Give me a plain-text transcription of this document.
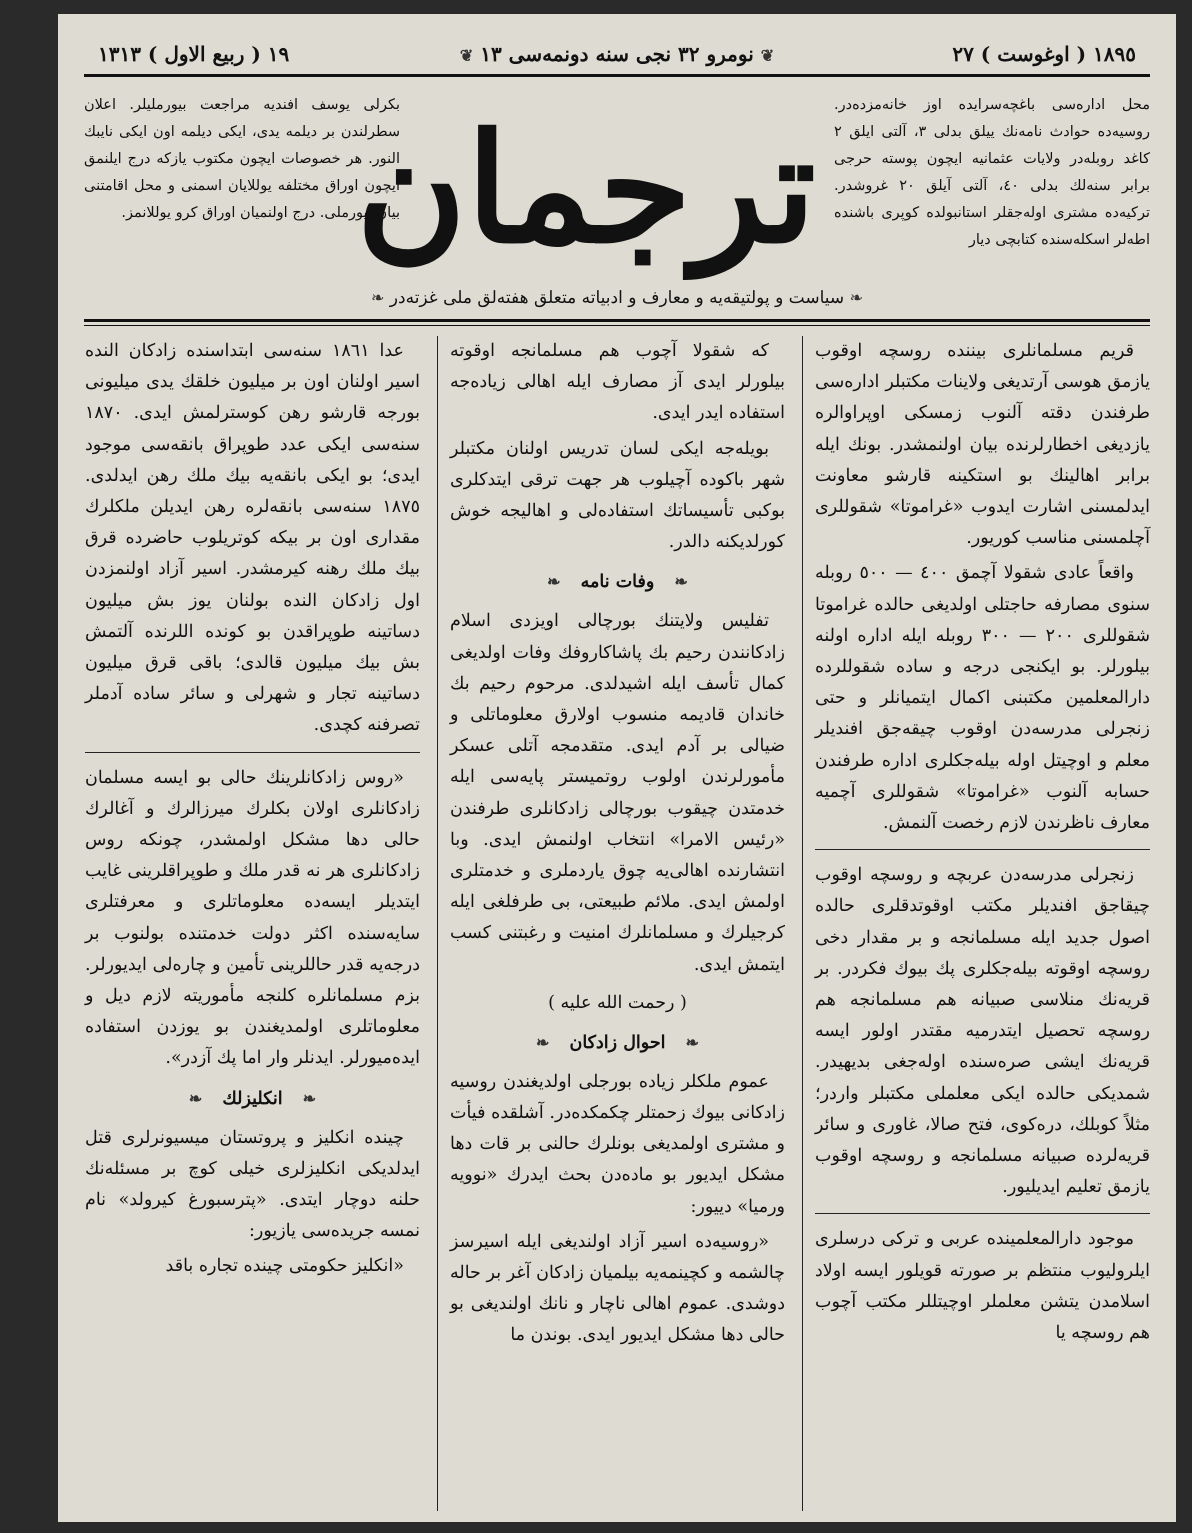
١٨٩٥ ( اوغوست ) ٢٧
❦ نومرو ٣٢ نجی سنه دونمه‌سی ١٣ ❦
١٩ ( ربیع الاول ) ١٣١٣
محل اداره‌سی باغچه‌سرایده اوز خانه‌مزده‌در. روسیه‌ده حوادث نامه‌نك ییلق بدلی ٣، آلتی ایلق ٢ کاغد روبله‌در ولایات عثمانیه ایچون پوسته حرجی برابر سنه‌لك بدلی ٤٠، آلتی آیلق ٢٠ غروشدر. ترکیه‌ده مشتری اوله‌جقلر استانبولده کوپری باشنده اطه‌لر اسکله‌سنده کتابچی دیار
ترجمان
بکرلی یوسف افندیه مراجعت بیورملیلر. اعلان سطرلندن بر دیلمه یدی، ایکی دیلمه اون ایکی نایبك النور. هر خصوصات ایچون مکتوب یازکه درج ایلنمق ایچون اوراق مختلفه یوللایان اسمنی و محل اقامتنی بیان بیورملی. درج اولنمیان اوراق کرو یوللانمز.
❧ سیاست و پولتیقه‌یه و معارف و ادبیاته متعلق هفته‌لق ملی غزته‌در ❧

قریم مسلمانلری بیننده روسچه اوقوب یازمق هوسی آرتدیغی ولاینات مکتبلر اداره‌سی طرفندن دقته آلنوب زمسکی اوپراوالره یازدیغی اخطارلرنده بیان اولنمشدر. بونك ایله برابر اهالینك بو استکینه قارشو معاونت ایدلمسنی اشارت ایدوب «غراموتا» شقوللری آچلمسنی مناسب کوریور.

واقعاً عادی شقولا آچمق ٤٠٠ — ٥٠٠ روبله سنوی مصارفه حاجتلی اولدیغی حالده غراموتا شقوللری ٢٠٠ — ٣٠٠ روبله ایله اداره اولنه بیلورلر. بو ایکنجی درجه و ساده شقوللرده دارالمعلمین مکتبنی اکمال ایتمیانلر و حتی زنجرلی مدرسه‌دن اوقوب چیقه‌جق افندیلر معلم و اوچیتل اوله بیله‌جکلری اداره طرفندن حسابه آلنوب «غراموتا» شقوللری آچمیه معارف ناظرندن لازم رخصت آلنمش.

زنجرلی مدرسه‌دن عربچه و روسچه اوقوب چیقاجق افندیلر مکتب اوقوتدقلری حالده اصول جدید ایله مسلمانجه و بر مقدار دخی روسچه اوقوته بیله‌جکلری پك بیوك فکردر. بر قریه‌نك منلاسی صبیانه هم مسلمانجه هم روسچه تحصیل ایتدرمیه مقتدر اولور ایسه قریه‌نك ایشی صره‌سنده اوله‌جغی بدیهیدر. شمدیکی حالده ایکی معلملی مکتبلر واردر؛ مثلاً کوبلك، دره‌کوی، فتح صالا، غاوری و سائر قریه‌لرده صبیانه مسلمانجه و روسچه اوقوب یازمق تعلیم ایدیلیور.

موجود دارالمعلمینده عربی و ترکی درسلری ایلرولیوب منتظم بر صورته قویلور ایسه اولاد اسلامدن یتشن معلملر اوچیتللر مکتب آچوب هم روسچه یا

که شقولا آچوب هم مسلمانجه اوقوته بیلورلر ایدی آز مصارف ایله اهالی زیاده‌جه استفاده ایدر ایدی.

بویله‌جه ایکی لسان تدریس اولنان مکتبلر شهر باکوده آچیلوب هر جهت ترقی ایتدکلری بوکبی تأسیساتك استفاده‌لی و اهالیجه خوش کورلدیکنه دالدر.

❧ وفات نامه ❧

تفلیس ولایتنك بورچالی اویزدی اسلام زادکانندن رحیم بك پاشا‌کاروفك وفات اولدیغی کمال تأسف ایله اشیدلدی. مرحوم رحیم بك خاندان قادیمه منسوب اولارق معلوماتلی و ضیالی بر آدم ایدی. متقدمجه آتلی عسکر مأمورلرندن اولوب روتمیستر پایه‌سی ایله خدمتدن چیقوب بورچالی زادکانلری طرفندن «رئیس الامرا» انتخاب اولنمش ایدی. وبا انتشارنده اهالی‌یه چوق یاردملری و خدمتلری اولمش ایدی. ملائم طبیعتی، بی طرفلغی ایله کرجیلرك و مسلمانلرك امنیت و رغبتنی کسب ایتمش ایدی.

( رحمت الله علیه )
❧ احوال زادکان ❧

عموم ملکلر زیاده بورجلی اولدیغندن روسیه زادکانی بیوك زحمتلر چکمکده‌در. آشلقده فیأت و مشتری اولمدیغی بونلرك حالنی بر قات دها مشکل ایدیور بو ماده‌دن بحث ایدرك «نوویه ورمیا» دییور:

«روسیه‌ده اسیر آزاد اولندیغی ایله اسیرسز چالشمه و کچینمه‌یه بیلمیان زادکان آغر بر حاله دوشدی. عموم اهالی ناچار و نانك اولندیغی بو حالی دها مشکل ایدیور ایدی. بوندن ما

عدا ١٨٦١ سنه‌سی ابتداسنده زادکان النده اسیر اولنان اون بر میلیون خلقك یدی میلیونی بورجه قارشو رهن کوسترلمش ایدی. ١٨٧٠ سنه‌سی ایکی عدد طوپراق بانقه‌سی موجود ایدی؛ بو ایکی بانقه‌یه بیك ملك رهن ایدلدی. ١٨٧٥ سنه‌سی بانقه‌لره رهن ایدیلن ملکلرك مقداری اون بر بیکه کوتریلوب حاضرده قرق بیك ملك رهنه کیرمشدر. اسیر آزاد اولنمزدن اول زادکان النده بولنان یوز بش میلیون دساتینه طوپراقدن بو کونده اللرنده آلتمش بش بیك میلیون قالدی؛ باقی قرق میلیون دساتینه تجار و شهرلی و سائر ساده آدملر تصرفنه کچدی.

«روس زادکانلرینك حالی بو ایسه مسلمان زادکانلری اولان بکلرك میرزالرك و آغالرك حالی دها مشکل اولمشدر، چونکه روس زادکانلری هر نه قدر ملك و طوپراقلرینی غایب ایتدیلر ایسه‌ده معلوماتلری و معرفتلری سایه‌سنده اکثر دولت خدمتنده بولنوب بر درجه‌یه قدر حاللرینی تأمین و چاره‌لی ایدیورلر. بزم مسلمانلره کلنجه مأموریته لازم دیل و معلوماتلری اولمدیغندن بو یوزدن استفاده ایده‌میورلر. ایدنلر وار اما پك آزدر».

❧ انکلیزلك ❧

چینده انکلیز و پروتستان میسیونرلری قتل ایدلدیکی انکلیزلری خیلی کوچ بر مسئله‌نك حلنه دوچار ایتدی. «پترسبورغ کیرولد» نام نمسه جریده‌سی یازیور:

«انکلیز حکومتی چینده تجاره باقد
